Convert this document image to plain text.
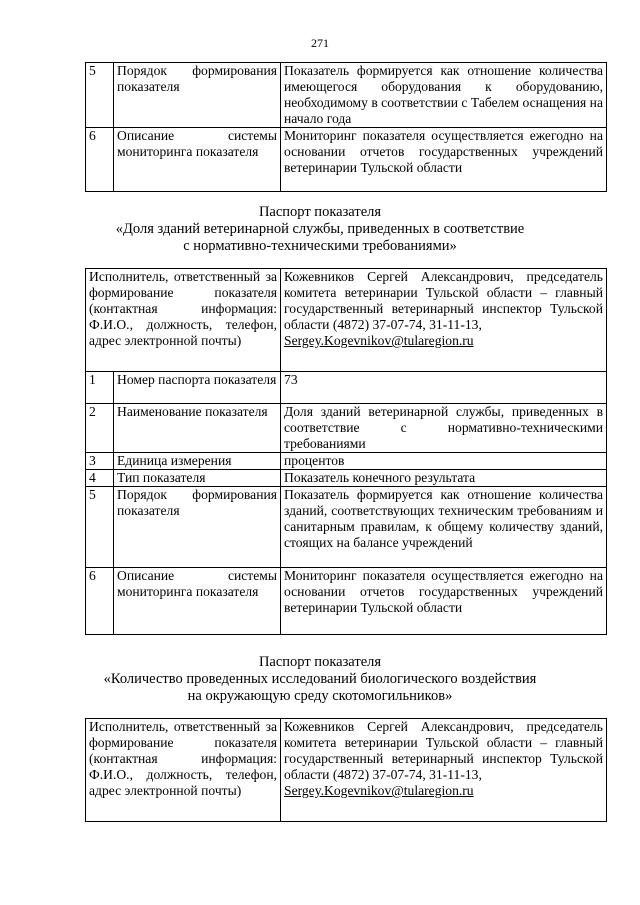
271
5	Порядок формирования показателя	Показатель формируется как отношение количества имеющегося оборудования к оборудованию, необходимому в соответствии с Табелем оснащения на начало года
6	Описание системы мониторинга показателя	Мониторинг показателя осуществляется ежегодно на основании отчетов государственных учреждений ветеринарии Тульской области
Паспорт показателя
«Доля зданий ветеринарной службы, приведенных в соответствие
с нормативно-техническими требованиями»
Исполнитель, ответственный за формирование показателя (контактная информация: Ф.И.О., должность, телефон, адрес электронной почты)		Кожевников Сергей Александрович, председатель комитета ветеринарии Тульской области – главный государственный ветеринарный инспектор Тульской области (4872) 37-07-74, 31-11-13,
Sergey.Kogevnikov@tularegion.ru
1	Номер паспорта показателя	73
2	Наименование показателя	Доля зданий ветеринарной службы, приведенных в соответствие с нормативно-техническими требованиями
3	Единица измерения	процентов
4	Тип показателя	Показатель конечного результата
5	Порядок формирования показателя	Показатель формируется как отношение количества зданий, соответствующих техническим требованиям и санитарным правилам, к общему количеству зданий, стоящих на балансе учреждений
6	Описание системы мониторинга показателя	Мониторинг показателя осуществляется ежегодно на основании отчетов государственных учреждений ветеринарии Тульской области
Паспорт показателя
«Количество проведенных исследований биологического воздействия
на окружающую среду скотомогильников»
Исполнитель, ответственный за формирование показателя (контактная информация: Ф.И.О., должность, телефон, адрес электронной почты)	Кожевников Сергей Александрович, председатель комитета ветеринарии Тульской области – главный государственный ветеринарный инспектор Тульской области (4872) 37-07-74, 31-11-13,
Sergey.Kogevnikov@tularegion.ru
